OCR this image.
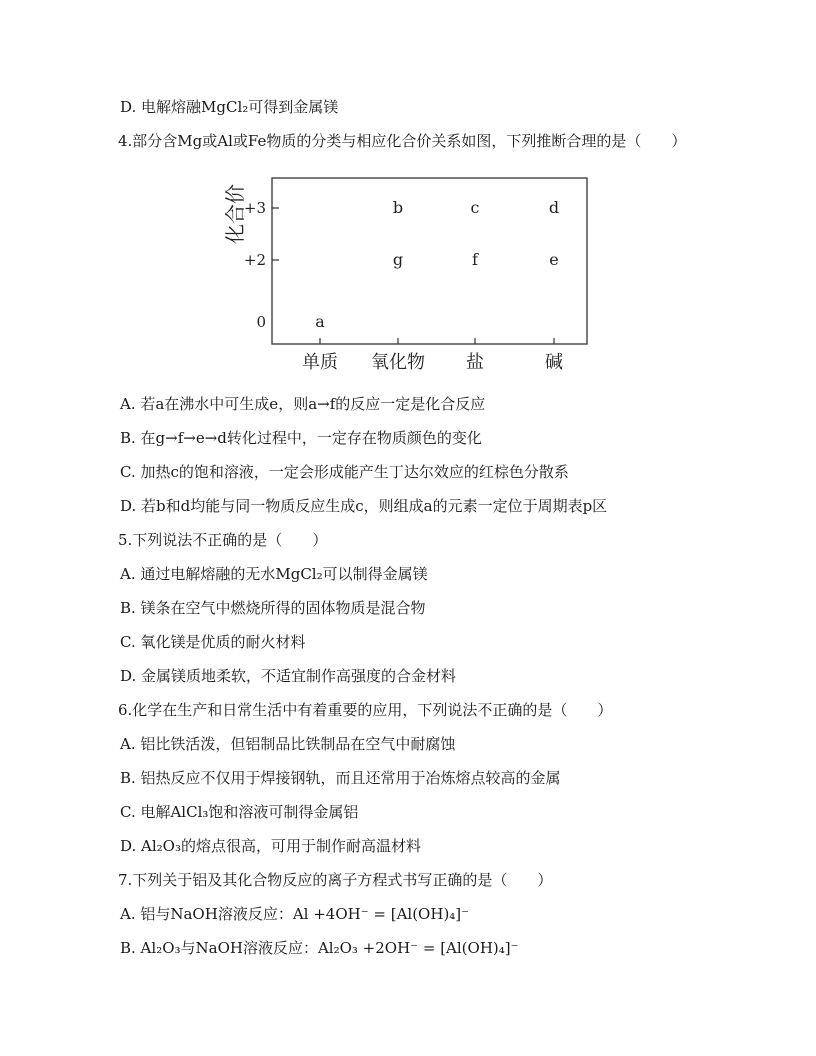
D. 电解熔融MgCl₂可得到金属镁
4.部分含Mg或Al或Fe物质的分类与相应化合价关系如图，下列推断合理的是（　　）
化合价
+3
+2
0
单质 氧化物 盐	碱
a
b	c	d
g	f	e
A. 若a在沸水中可生成e，则a→f的反应一定是化合反应
B. 在g→f→e→d转化过程中，一定存在物质颜色的变化
C. 加热c的饱和溶液，一定会形成能产生丁达尔效应的红棕色分散系
D. 若b和d均能与同一物质反应生成c，则组成a的元素一定位于周期表p区
5.下列说法不正确的是（　　）
A. 通过电解熔融的无水MgCl₂可以制得金属镁
B. 镁条在空气中燃烧所得的固体物质是混合物
C. 氧化镁是优质的耐火材料
D. 金属镁质地柔软，不适宜制作高强度的合金材料
6.化学在生产和日常生活中有着重要的应用，下列说法不正确的是（　　）
A. 铝比铁活泼，但铝制品比铁制品在空气中耐腐蚀
B. 铝热反应不仅用于焊接钢轨，而且还常用于冶炼熔点较高的金属
C. 电解AlCl₃饱和溶液可制得金属铝
D. Al₂O₃的熔点很高，可用于制作耐高温材料
7.下列关于铝及其化合物反应的离子方程式书写正确的是（　　）
A. 铝与NaOH溶液反应：Al +4OH⁻ = [Al(OH)₄]⁻
B. Al₂O₃与NaOH溶液反应：Al₂O₃ +2OH⁻ = [Al(OH)₄]⁻
